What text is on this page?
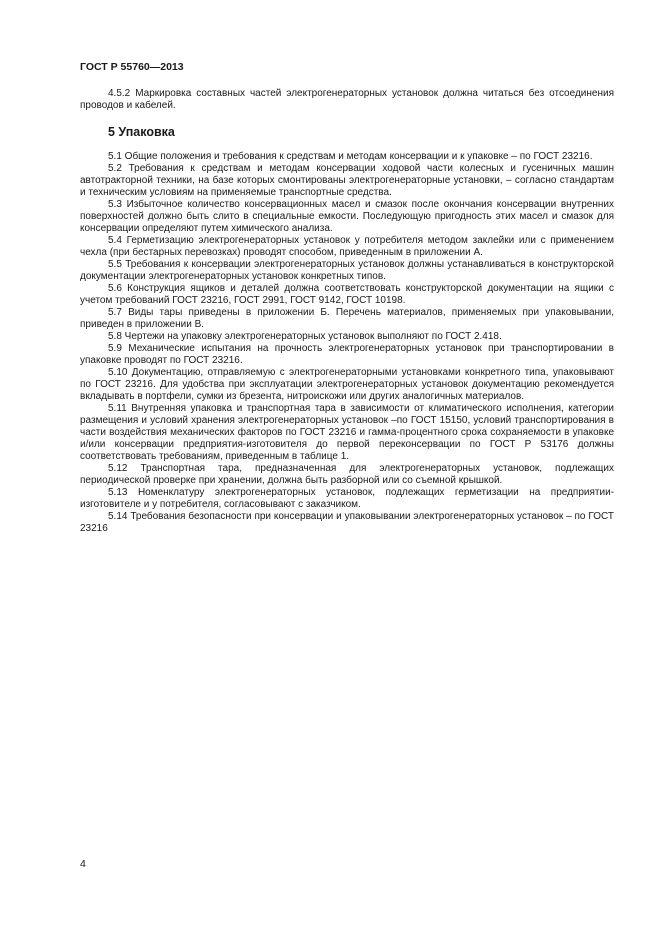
ГОСТ Р 55760—2013

4.5.2 Маркировка составных частей электрогенераторных установок должна читаться без отсоединения проводов и кабелей.

5 Упаковка

5.1 Общие положения и требования к средствам и методам консервации и к упаковке – по ГОСТ 23216.

5.2 Требования к средствам и методам консервации ходовой части колесных и гусеничных машин автотракторной техники, на базе которых смонтированы электрогенераторные установки, – согласно стандартам и техническим условиям на применяемые транспортные средства.

5.3 Избыточное количество консервационных масел и смазок после окончания консервации внутренних поверхностей должно быть слито в специальные емкости. Последующую пригодность этих масел и смазок для консервации определяют путем химического анализа.

5.4 Герметизацию электрогенераторных установок у потребителя методом заклейки или с применением чехла (при бестарных перевозках) проводят способом, приведенным в приложении А.

5.5 Требования к консервации электрогенераторных установок должны устанавливаться в конструкторской документации электрогенераторных установок конкретных типов.

5.6 Конструкция ящиков и деталей должна соответствовать конструкторской документации на ящики с учетом требований ГОСТ 23216, ГОСТ 2991, ГОСТ 9142, ГОСТ 10198.

5.7 Виды тары приведены в приложении Б. Перечень материалов, применяемых при упаковывании, приведен в приложении В.

5.8 Чертежи на упаковку электрогенераторных установок выполняют по ГОСТ 2.418.

5.9 Механические испытания на прочность электрогенераторных установок при транспортировании в упаковке проводят по ГОСТ 23216.

5.10 Документацию, отправляемую с электрогенераторными установками конкретного типа, упаковывают по ГОСТ 23216. Для удобства при эксплуатации электрогенераторных установок документацию рекомендуется вкладывать в портфели, сумки из брезента, нитроискожи или других аналогичных материалов.

5.11 Внутренняя упаковка и транспортная тара в зависимости от климатического исполнения, категории размещения и условий хранения электрогенераторных установок –по ГОСТ 15150, условий транспортирования в части воздействия механических факторов по ГОСТ 23216 и гамма-процентного срока сохраняемости в упаковке и/или консервации предприятия-изготовителя до первой переконсервации по ГОСТ Р 53176 должны соответствовать требованиям, приведенным в таблице 1.

5.12 Транспортная тара, предназначенная для электрогенераторных установок, подлежащих периодической проверке при хранении, должна быть разборной или со съемной крышкой.

5.13 Номенклатуру электрогенераторных установок, подлежащих герметизации на предприятии-изготовителе и у потребителя, согласовывают с заказчиком.

5.14 Требования безопасности при консервации и упаковывании электрогенераторных установок – по ГОСТ 23216

4
